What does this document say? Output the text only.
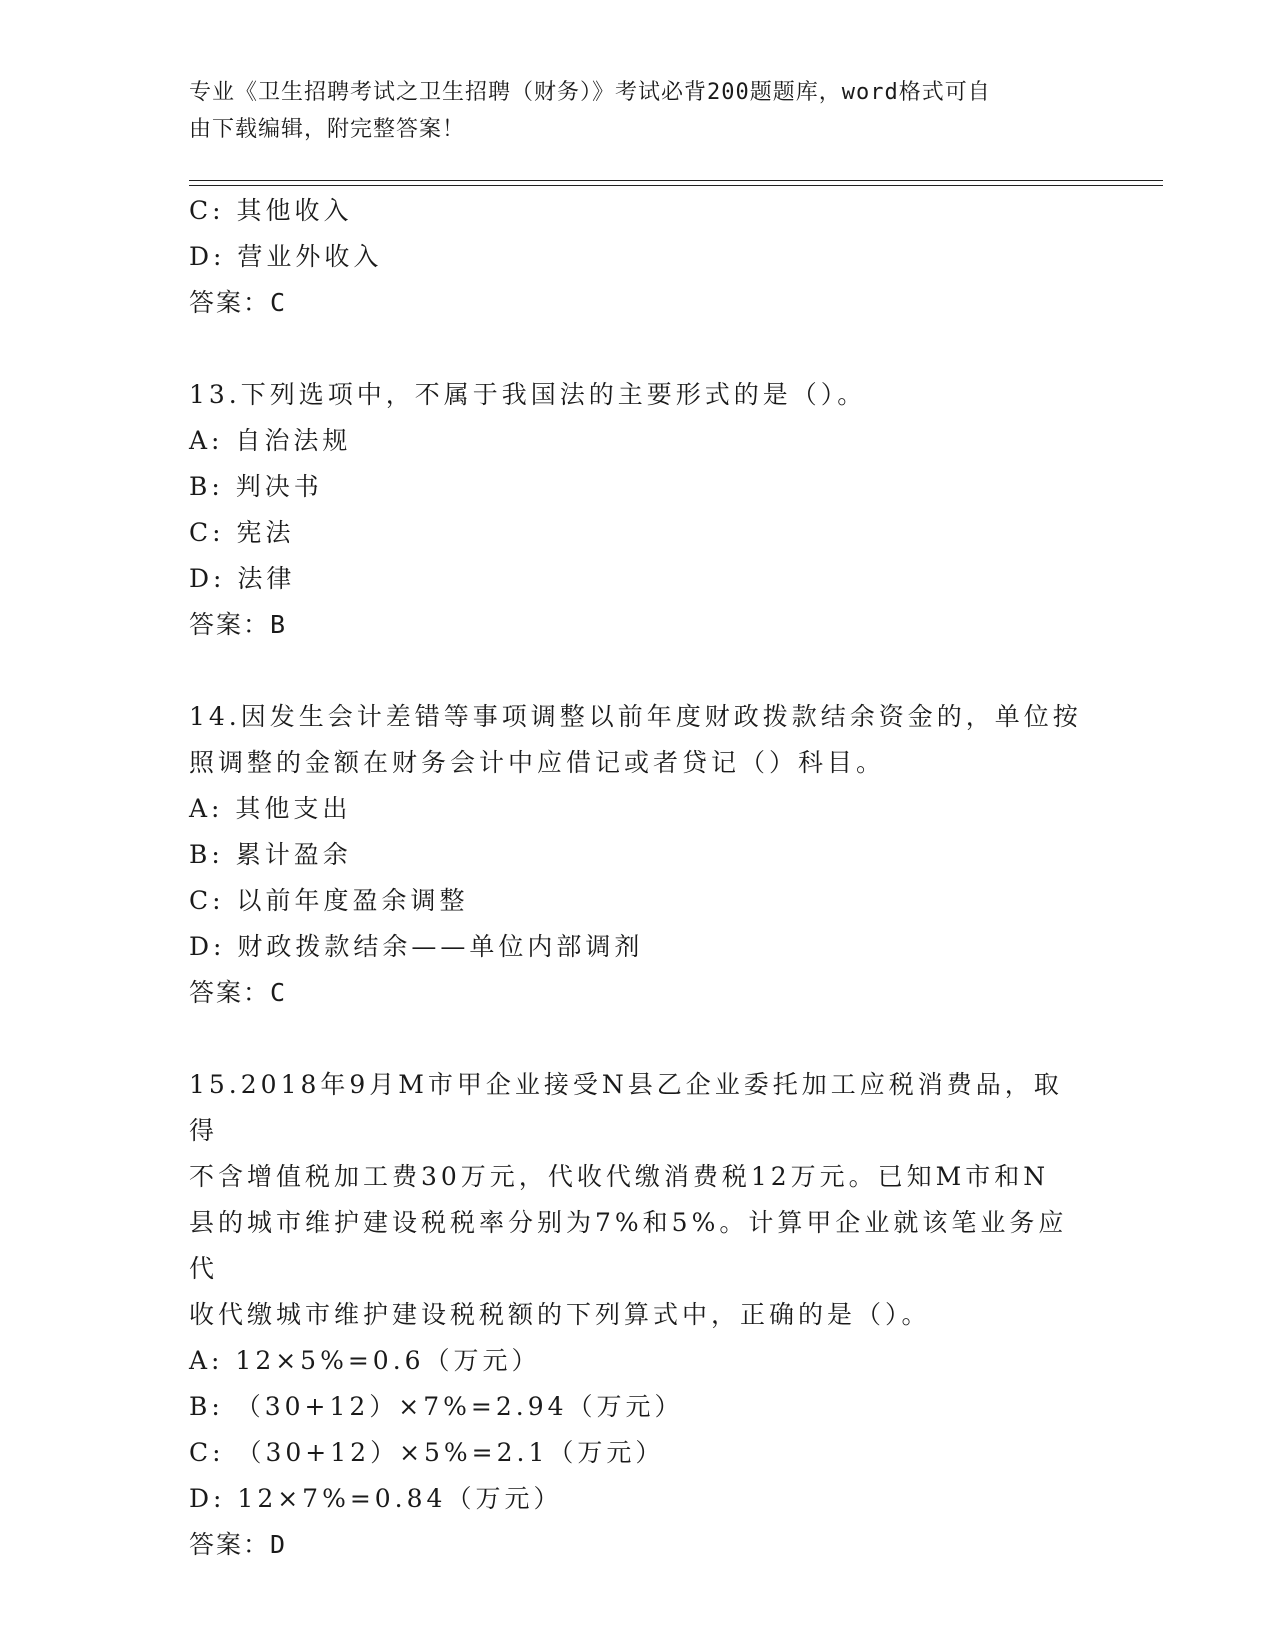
专业《卫生招聘考试之卫生招聘（财务）》考试必背200题题库，word格式可自
由下载编辑，附完整答案！
C: 其他收入
D: 营业外收入
答案：C
13.下列选项中，不属于我国法的主要形式的是（）。
A: 自治法规
B: 判决书
C: 宪法
D: 法律
答案：B
14.因发生会计差错等事项调整以前年度财政拨款结余资金的，单位按
照调整的金额在财务会计中应借记或者贷记（）科目。
A: 其他支出
B: 累计盈余
C: 以前年度盈余调整
D: 财政拨款结余——单位内部调剂
答案：C
15.2018年9月M市甲企业接受N县乙企业委托加工应税消费品，取得
不含增值税加工费30万元，代收代缴消费税12万元。已知M市和N
县的城市维护建设税税率分别为7%和5%。计算甲企业就该笔业务应代
收代缴城市维护建设税税额的下列算式中，正确的是（）。
A: 12×5%=0.6（万元）
B: （30+12）×7%=2.94（万元）
C: （30+12）×5%=2.1（万元）
D: 12×7%=0.84（万元）
答案：D
